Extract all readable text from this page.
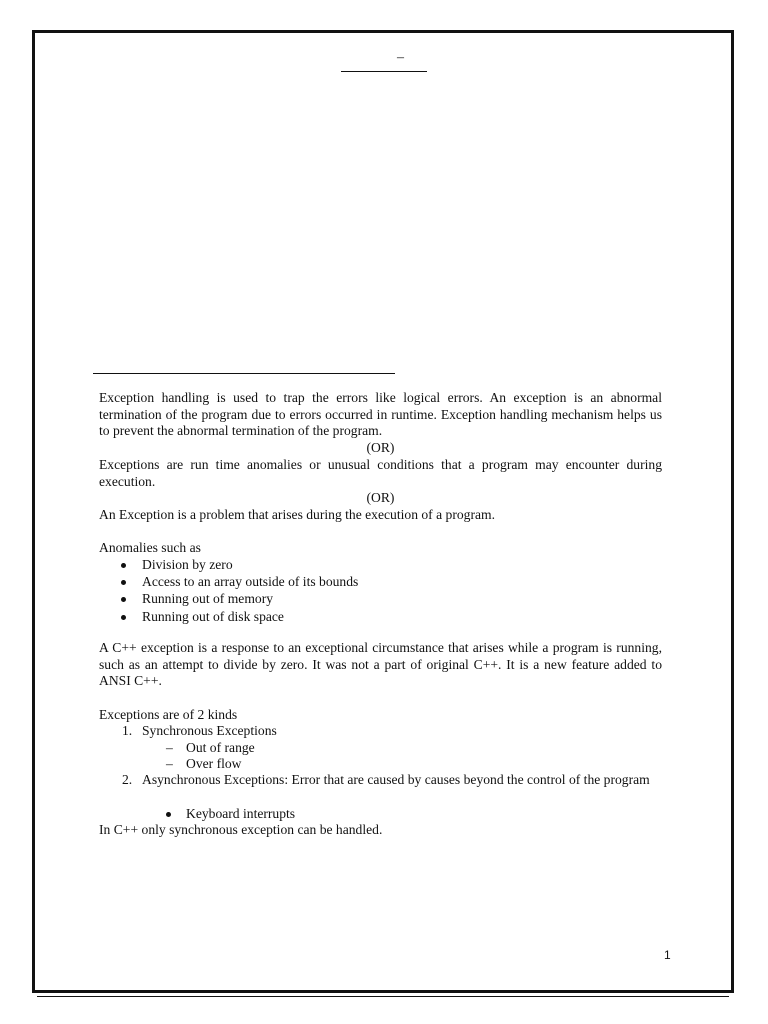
–
Exception handling is used to trap the errors like logical errors. An exception is an abnormal termination of the program due to errors occurred in runtime. Exception handling mechanism helps us to prevent the abnormal termination of the program.
(OR)
Exceptions are run time anomalies or unusual conditions that a program may encounter during execution.
(OR)
An Exception is a problem that arises during the execution of a program.
Anomalies such as
Division by zero
Access to an array outside of its bounds
Running out of memory
Running out of disk space
A C++ exception is a response to an exceptional circumstance that arises while a program is running, such as an attempt to divide by zero. It was not a part of original C++. It is a new feature added to ANSI C++.
Exceptions are of 2 kinds
1. Synchronous Exceptions
– Out of range
– Over flow
2. Asynchronous Exceptions: Error that are caused by causes beyond the control of the program
Keyboard interrupts
In C++ only synchronous exception can be handled.
1
